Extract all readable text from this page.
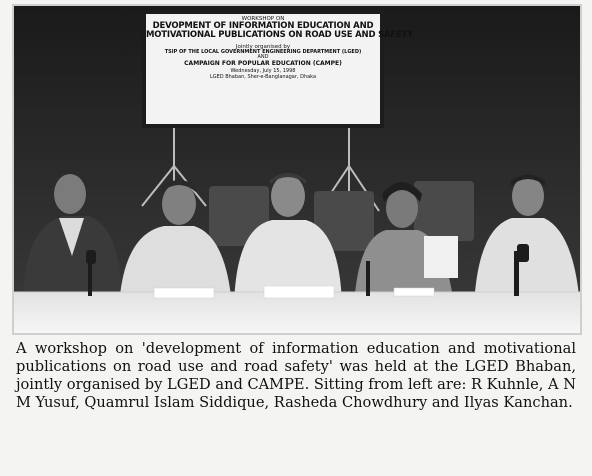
WORKSHOP ON
DEVOPMENT OF INFORMATION EDUCATION AND
MOTIVATIONAL PUBLICATIONS ON ROAD USE AND SAFETY
Jointly organised by
TSIP OF THE LOCAL GOVERNMENT ENGINEERING DEPARTMENT (LGED)
AND
CAMPAIGN FOR POPULAR EDUCATION (CAMPE)
Wednesday, July 15, 1998
LGED Bhaban, Sher-e-Banglanagar, Dhaka

A workshop on 'development of information education and motivational publications on road use and road safety' was held at the LGED Bhaban, jointly organised by LGED and CAMPE. Sitting from left are: R Kuhnle, A N M Yusuf, Quamrul Islam Siddique, Rasheda Chowdhury and Ilyas Kanchan.
